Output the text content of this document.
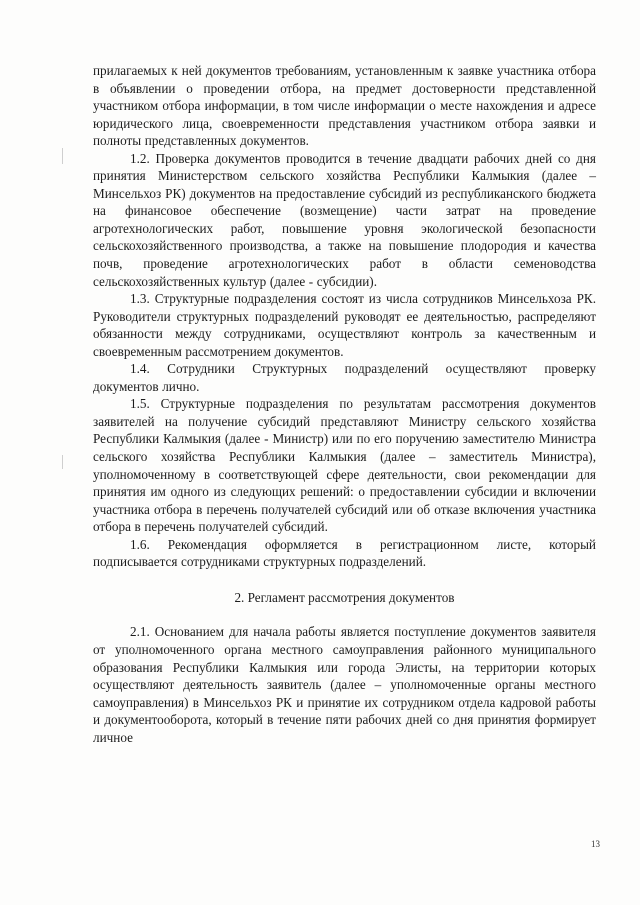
прилагаемых к ней документов требованиям, установленным к заявке участника отбора в объявлении о проведении отбора, на предмет достоверности представленной участником отбора информации, в том числе информации о месте нахождения и адресе юридического лица, своевременности представления участником отбора заявки и полноты представленных документов.

1.2. Проверка документов проводится в течение двадцати рабочих дней со дня принятия Министерством сельского хозяйства Республики Калмыкия (далее – Минсельхоз РК) документов на предоставление субсидий из республиканского бюджета на финансовое обеспечение (возмещение) части затрат на проведение агротехнологических работ, повышение уровня экологической безопасности сельскохозяйственного производства, а также на повышение плодородия и качества почв, проведение агротехнологических работ в области семеноводства сельскохозяйственных культур (далее - субсидии).

1.3. Структурные подразделения состоят из числа сотрудников Минсельхоза РК. Руководители структурных подразделений руководят ее деятельностью, распределяют обязанности между сотрудниками, осуществляют контроль за качественным и своевременным рассмотрением документов.

1.4. Сотрудники Структурных подразделений осуществляют проверку документов лично.

1.5. Структурные подразделения по результатам рассмотрения документов заявителей на получение субсидий представляют Министру сельского хозяйства Республики Калмыкия (далее - Министр) или по его поручению заместителю Министра сельского хозяйства Республики Калмыкия (далее – заместитель Министра), уполномоченному в соответствующей сфере деятельности, свои рекомендации для принятия им одного из следующих решений: о предоставлении субсидии и включении участника отбора в перечень получателей субсидий или об отказе включения участника отбора в перечень получателей субсидий.

1.6. Рекомендация оформляется в регистрационном листе, который подписывается сотрудниками структурных подразделений.

2. Регламент рассмотрения документов

2.1. Основанием для начала работы является поступление документов заявителя от уполномоченного органа местного самоуправления районного муниципального образования Республики Калмыкия или города Элисты, на территории которых осуществляют деятельность заявитель (далее – уполномоченные органы местного самоуправления) в Минсельхоз РК и принятие их сотрудником отдела кадровой работы и документооборота, который в течение пяти рабочих дней со дня принятия формирует личное

13
